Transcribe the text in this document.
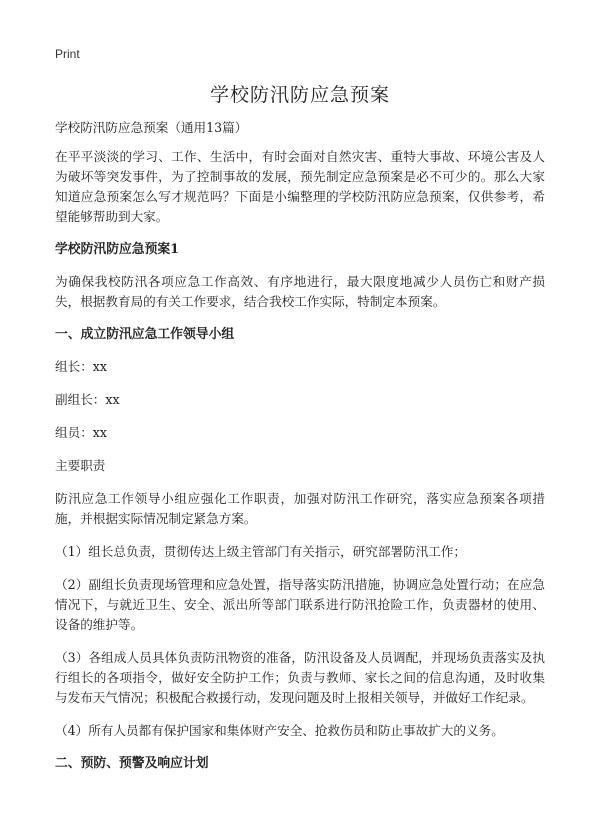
Print
学校防汛防应急预案

学校防汛防应急预案（通用13篇）

在平平淡淡的学习、工作、生活中，有时会面对自然灾害、重特大事故、环境公害及人为破坏等突发事件，为了控制事故的发展，预先制定应急预案是必不可少的。那么大家知道应急预案怎么写才规范吗？下面是小编整理的学校防汛防应急预案，仅供参考，希望能够帮助到大家。

学校防汛防应急预案1

为确保我校防汛各项应急工作高效、有序地进行，最大限度地减少人员伤亡和财产损失，根据教育局的有关工作要求，结合我校工作实际，特制定本预案。

一、成立防汛应急工作领导小组

组长：xx

副组长：xx

组员：xx

主要职责

防汛应急工作领导小组应强化工作职责，加强对防汛工作研究，落实应急预案各项措施，并根据实际情况制定紧急方案。

（1）组长总负责，贯彻传达上级主管部门有关指示，研究部署防汛工作；

（2）副组长负责现场管理和应急处置，指导落实防汛措施，协调应急处置行动；在应急情况下，与就近卫生、安全、派出所等部门联系进行防汛抢险工作，负责器材的使用、设备的维护等。

（3）各组成人员具体负责防汛物资的准备，防汛设备及人员调配，并现场负责落实及执行组长的各项指令，做好安全防护工作；负责与教师、家长之间的信息沟通，及时收集与发布天气情况；积极配合救援行动，发现问题及时上报相关领导，并做好工作纪录。

（4）所有人员都有保护国家和集体财产安全、抢救伤员和防止事故扩大的义务。

二、预防、预警及响应计划
